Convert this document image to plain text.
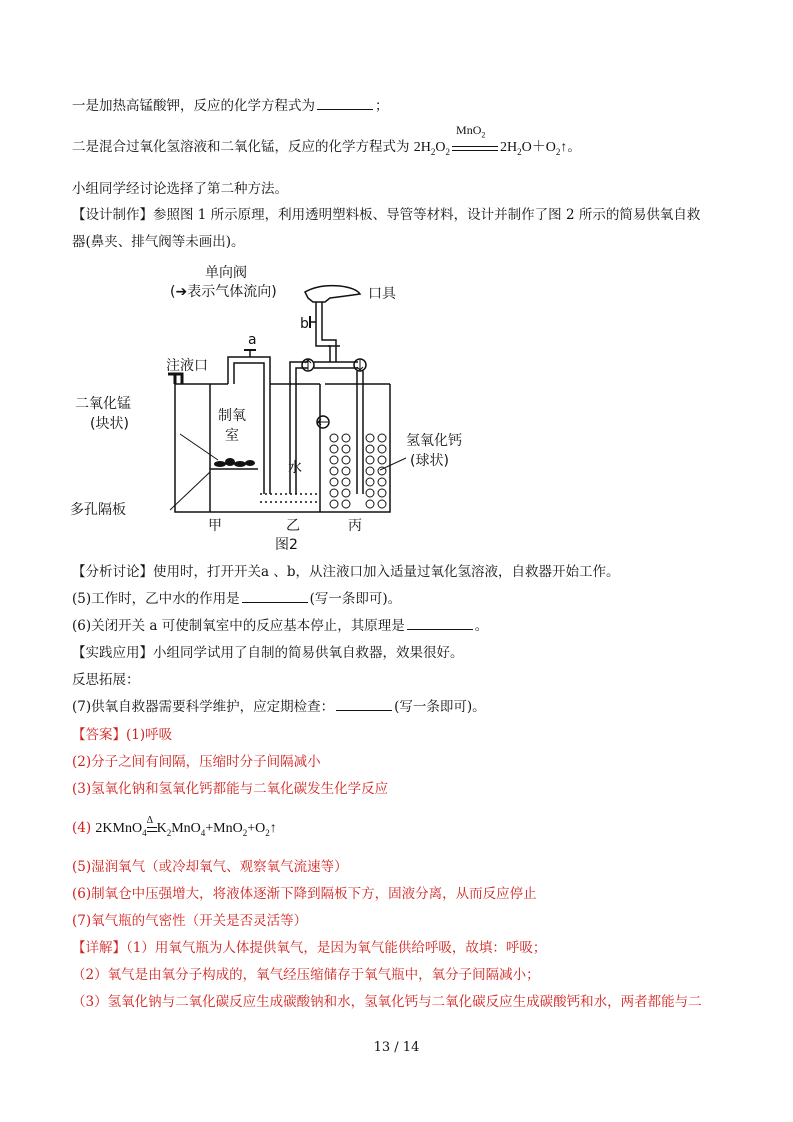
一是加热高锰酸钾，反应的化学方程式为	；
二是混合过氧化氢溶液和二氧化锰，反应的化学方程式为 $2H_2O_2$
MnO$_2$
$2H_2O+O_2↑$。
小组同学经讨论选择了第二种方法。
【设计制作】参照图 1 所示原理，利用透明塑料板、导管等材料，设计并制作了图 2 所示的简易供氧自救
器(鼻夹、排气阀等未画出)。
单向阀
(➔表示气体流向)	口具
a
b
注液口
二氧化锰
(块状)	制氧
室
水
氢氧化钙
(球状)
多孔隔板
甲	乙	丙
图2
【分析讨论】使用时，打开开关a 、b，从注液口加入适量过氧化氢溶液，自救器开始工作。
(5)工作时，乙中水的作用是	(写一条即可)。
(6)关闭开关 a 可使制氧室中的反应基本停止，其原理是	。
【实践应用】小组同学试用了自制的简易供氧自救器，效果很好。
反思拓展：
(7)供氧自救器需要科学维护，应定期检查：	(写一条即可)。
【答案】(1)呼吸
(2)分子之间有间隔，压缩时分子间隔减小
(3)氢氧化钠和氢氧化钙都能与二氧化碳发生化学反应
(4) 2KMnO$_4$
Δ
$K_2MnO_4+MnO_2+O_2↑$
(5)湿润氧气（或冷却氧气、观察氧气流速等）
(6)制氧仓中压强增大，将液体逐渐下降到隔板下方，固液分离，从而反应停止
(7)氧气瓶的气密性（开关是否灵活等）
【详解】（1）用氧气瓶为人体提供氧气，是因为氧气能供给呼吸，故填：呼吸；
（2）氧气是由氧分子构成的，氧气经压缩储存于氧气瓶中，氧分子间隔减小；
（3）氢氧化钠与二氧化碳反应生成碳酸钠和水，氢氧化钙与二氧化碳反应生成碳酸钙和水，两者都能与二
13 / 14
